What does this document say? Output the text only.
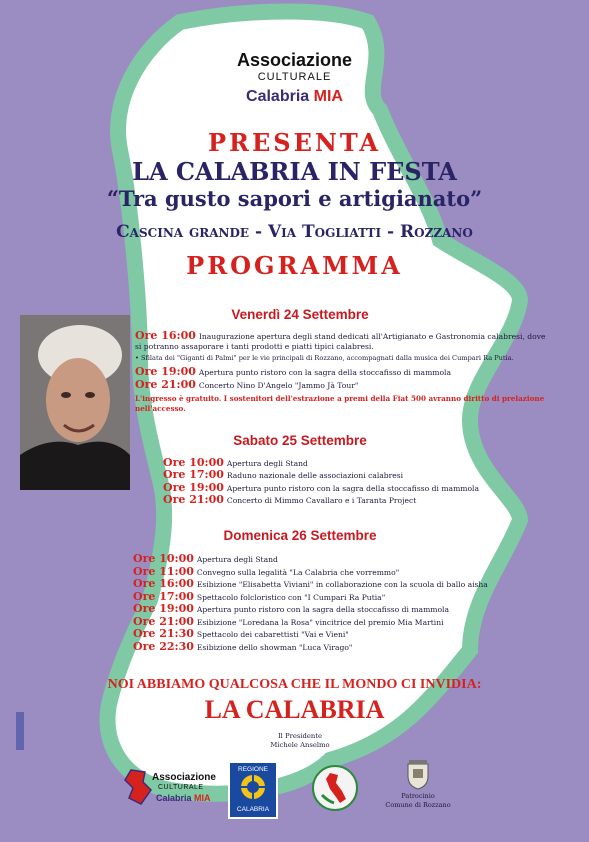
Associazione
CULTURALE
Calabria MIA
PRESENTA
LA CALABRIA IN FESTA
“Tra gusto sapori e artigianato”
Cascina grande - Via Togliatti - Rozzano
PROGRAMMA
Venerdì 24 Settembre
Ore 16:00 Inaugurazione apertura degli stand dedicati all'Artigianato e Gastronomia calabresi, dove
si potranno assaporare i tanti prodotti e piatti tipici calabresi.
• Sfilata dei "Giganti di Palmi" per le vie principali di Rozzano, accompagnati dalla musica dei Cumpari Ra Putia.
Ore 19:00 Apertura punto ristoro con la sagra della stoccafisso di mammola
Ore 21:00 Concerto Nino D'Angelo "Jammo Jà Tour"
L'ingresso è gratuito. I sostenitori dell'estrazione a premi della Fiat 500 avranno diritto di prelazione
nell'accesso.
Sabato 25 Settembre
Ore 10:00 Apertura degli Stand
Ore 17:00 Raduno nazionale delle associazioni calabresi
Ore 19:00 Apertura punto ristoro con la sagra della stoccafisso di mammola
Ore 21:00 Concerto di Mimmo Cavallaro e i Taranta Project
Domenica 26 Settembre
Ore 10:00 Apertura degli Stand
Ore 11:00 Convegno sulla legalità "La Calabria che vorremmo"
Ore 16:00 Esibizione "Elisabetta Viviani" in collaborazione con la scuola di ballo aisha
Ore 17:00 Spettacolo folcloristico con "I Cumpari Ra Putia"
Ore 19:00 Apertura punto ristoro con la sagra della stoccafisso di mammola
Ore 21:00 Esibizione "Loredana la Rosa" vincitrice del premio Mia Martini
Ore 21:30 Spettacolo dei cabarettisti "Vai e Vieni"
Ore 22:30 Esibizione dello showman "Luca Virago"
NOI ABBIAMO QUALCOSA CHE IL MONDO CI INVIDIA:
LA CALABRIA
Il Presidente
Michele Anselmo
Associazione
CULTURALE
Calabria MIA
REGIONE
CALABRIA
Patrocinio
Comune di Rozzano
